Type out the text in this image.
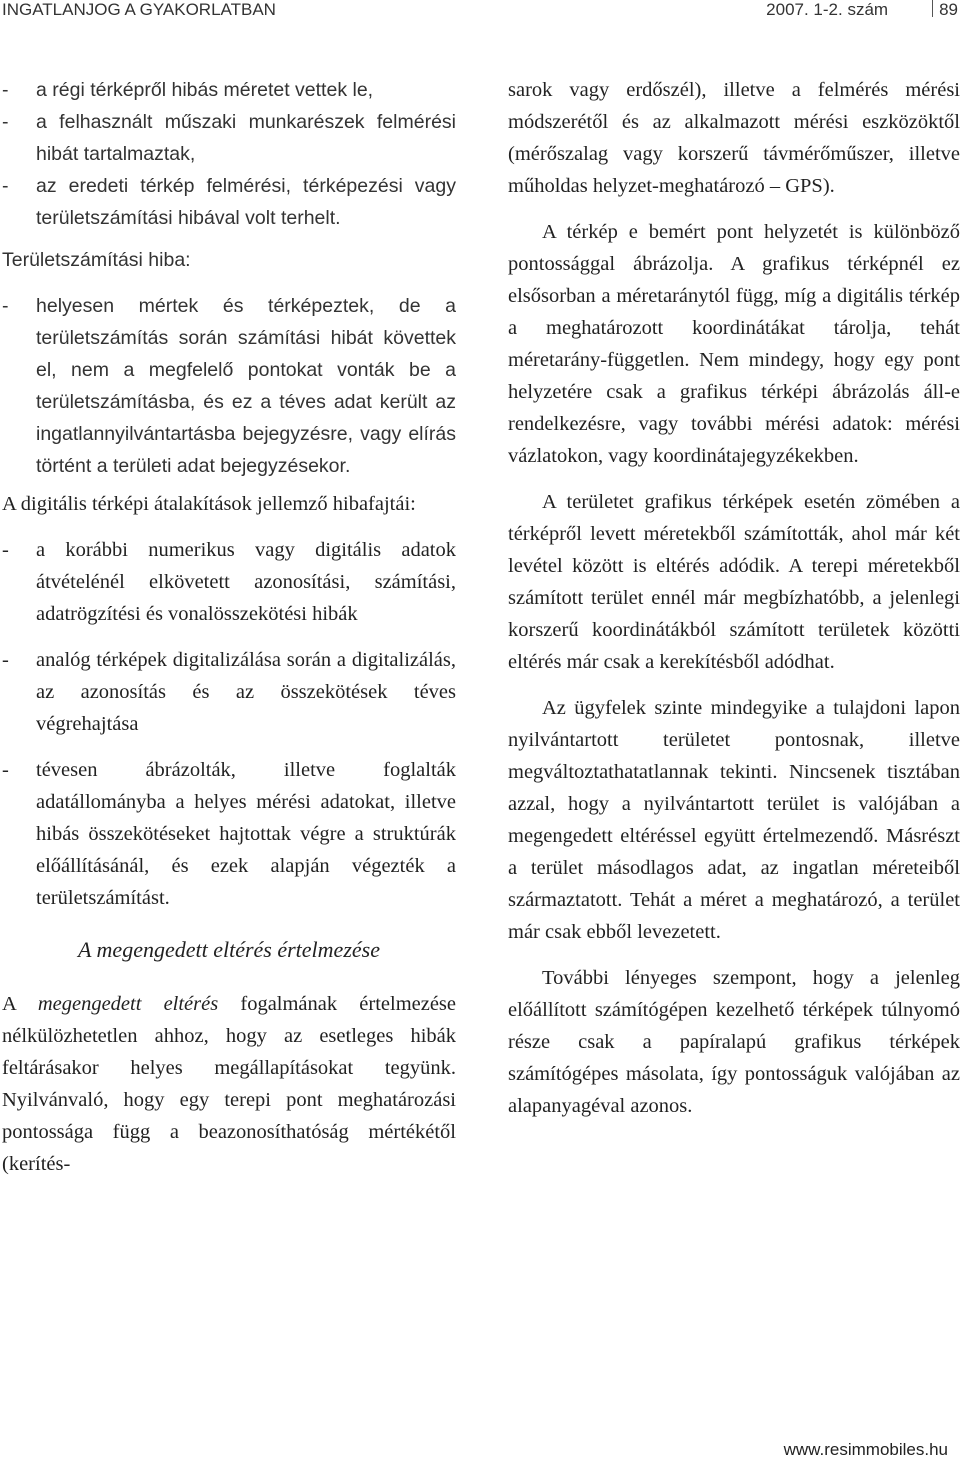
INGATLANJOG A GYAKORLATBAN	2007. 1-2. szám	89
- a régi térképről hibás méretet vettek le,

- a felhasznált műszaki munkarészek felmérési hibát tartalmaztak,

- az eredeti térkép felmérési, térképezési vagy területszámítási hibával volt terhelt.

Területszámítási hiba:

- helyesen mértek és térképeztek, de a területszámítás során számítási hibát követtek el, nem a megfelelő pontokat vonták be a területszámításba, és ez a téves adat került az ingatlannyilvántartásba bejegyzésre, vagy elírás történt a területi adat bejegyzésekor.

A digitális térképi átalakítások jellemző hibafajtái:

- a korábbi numerikus vagy digitális adatok átvételénél elkövetett azonosítási, számítási, adatrögzítési és vonalösszekötési hibák

- analóg térképek digitalizálása során a digitalizálás, az azonosítás és az összekötések téves végrehajtása

- tévesen ábrázolták, illetve foglalták adatállományba a helyes mérési adatokat, illetve hibás összekötéseket hajtottak végre a struktúrák előállításánál, és ezek alapján végezték a területszámítást.

A megengedett eltérés értelmezése

A megengedett eltérés fogalmának értelmezése nélkülözhetetlen ahhoz, hogy az esetleges hibák feltárásakor helyes megállapításokat tegyünk. Nyilvánvaló, hogy egy terepi pont meghatározási pontossága függ a beazonosíthatóság mértékétől (kerítés-

sarok vagy erdőszél), illetve a felmérés mérési módszerétől és az alkalmazott mérési eszközöktől (mérőszalag vagy korszerű távmérőműszer, illetve műholdas helyzet-meghatározó – GPS).

A térkép e bemért pont helyzetét is különböző pontossággal ábrázolja. A grafikus térképnél ez elsősorban a méretaránytól függ, míg a digitális térkép a meghatározott koordinátákat tárolja, tehát méretarány-független. Nem mindegy, hogy egy pont helyzetére csak a grafikus térképi ábrázolás áll-e rendelkezésre, vagy további mérési adatok: mérési vázlatokon, vagy koordinátajegyzékekben.

A területet grafikus térképek esetén zömében a térképről levett méretekből számították, ahol már két levétel között is eltérés adódik. A terepi méretekből számított terület ennél már megbízhatóbb, a jelenlegi korszerű koordinátákból számított területek közötti eltérés már csak a kerekítésből adódhat.

Az ügyfelek szinte mindegyike a tulajdoni lapon nyilvántartott területet pontosnak, illetve megváltoztathatatlannak tekinti. Nincsenek tisztában azzal, hogy a nyilvántartott terület is valójában a megengedett eltéréssel együtt értelmezendő. Másrészt a terület másodlagos adat, az ingatlan méreteiből származtatott. Tehát a méret a meghatározó, a terület már csak ebből levezetett.

További lényeges szempont, hogy a jelenleg előállított számítógépen kezelhető térképek túlnyomó része csak a papíralapú grafikus térképek számítógépes másolata, így pontosságuk valójában az alapanyagéval azonos.

www.resimmobiles.hu
